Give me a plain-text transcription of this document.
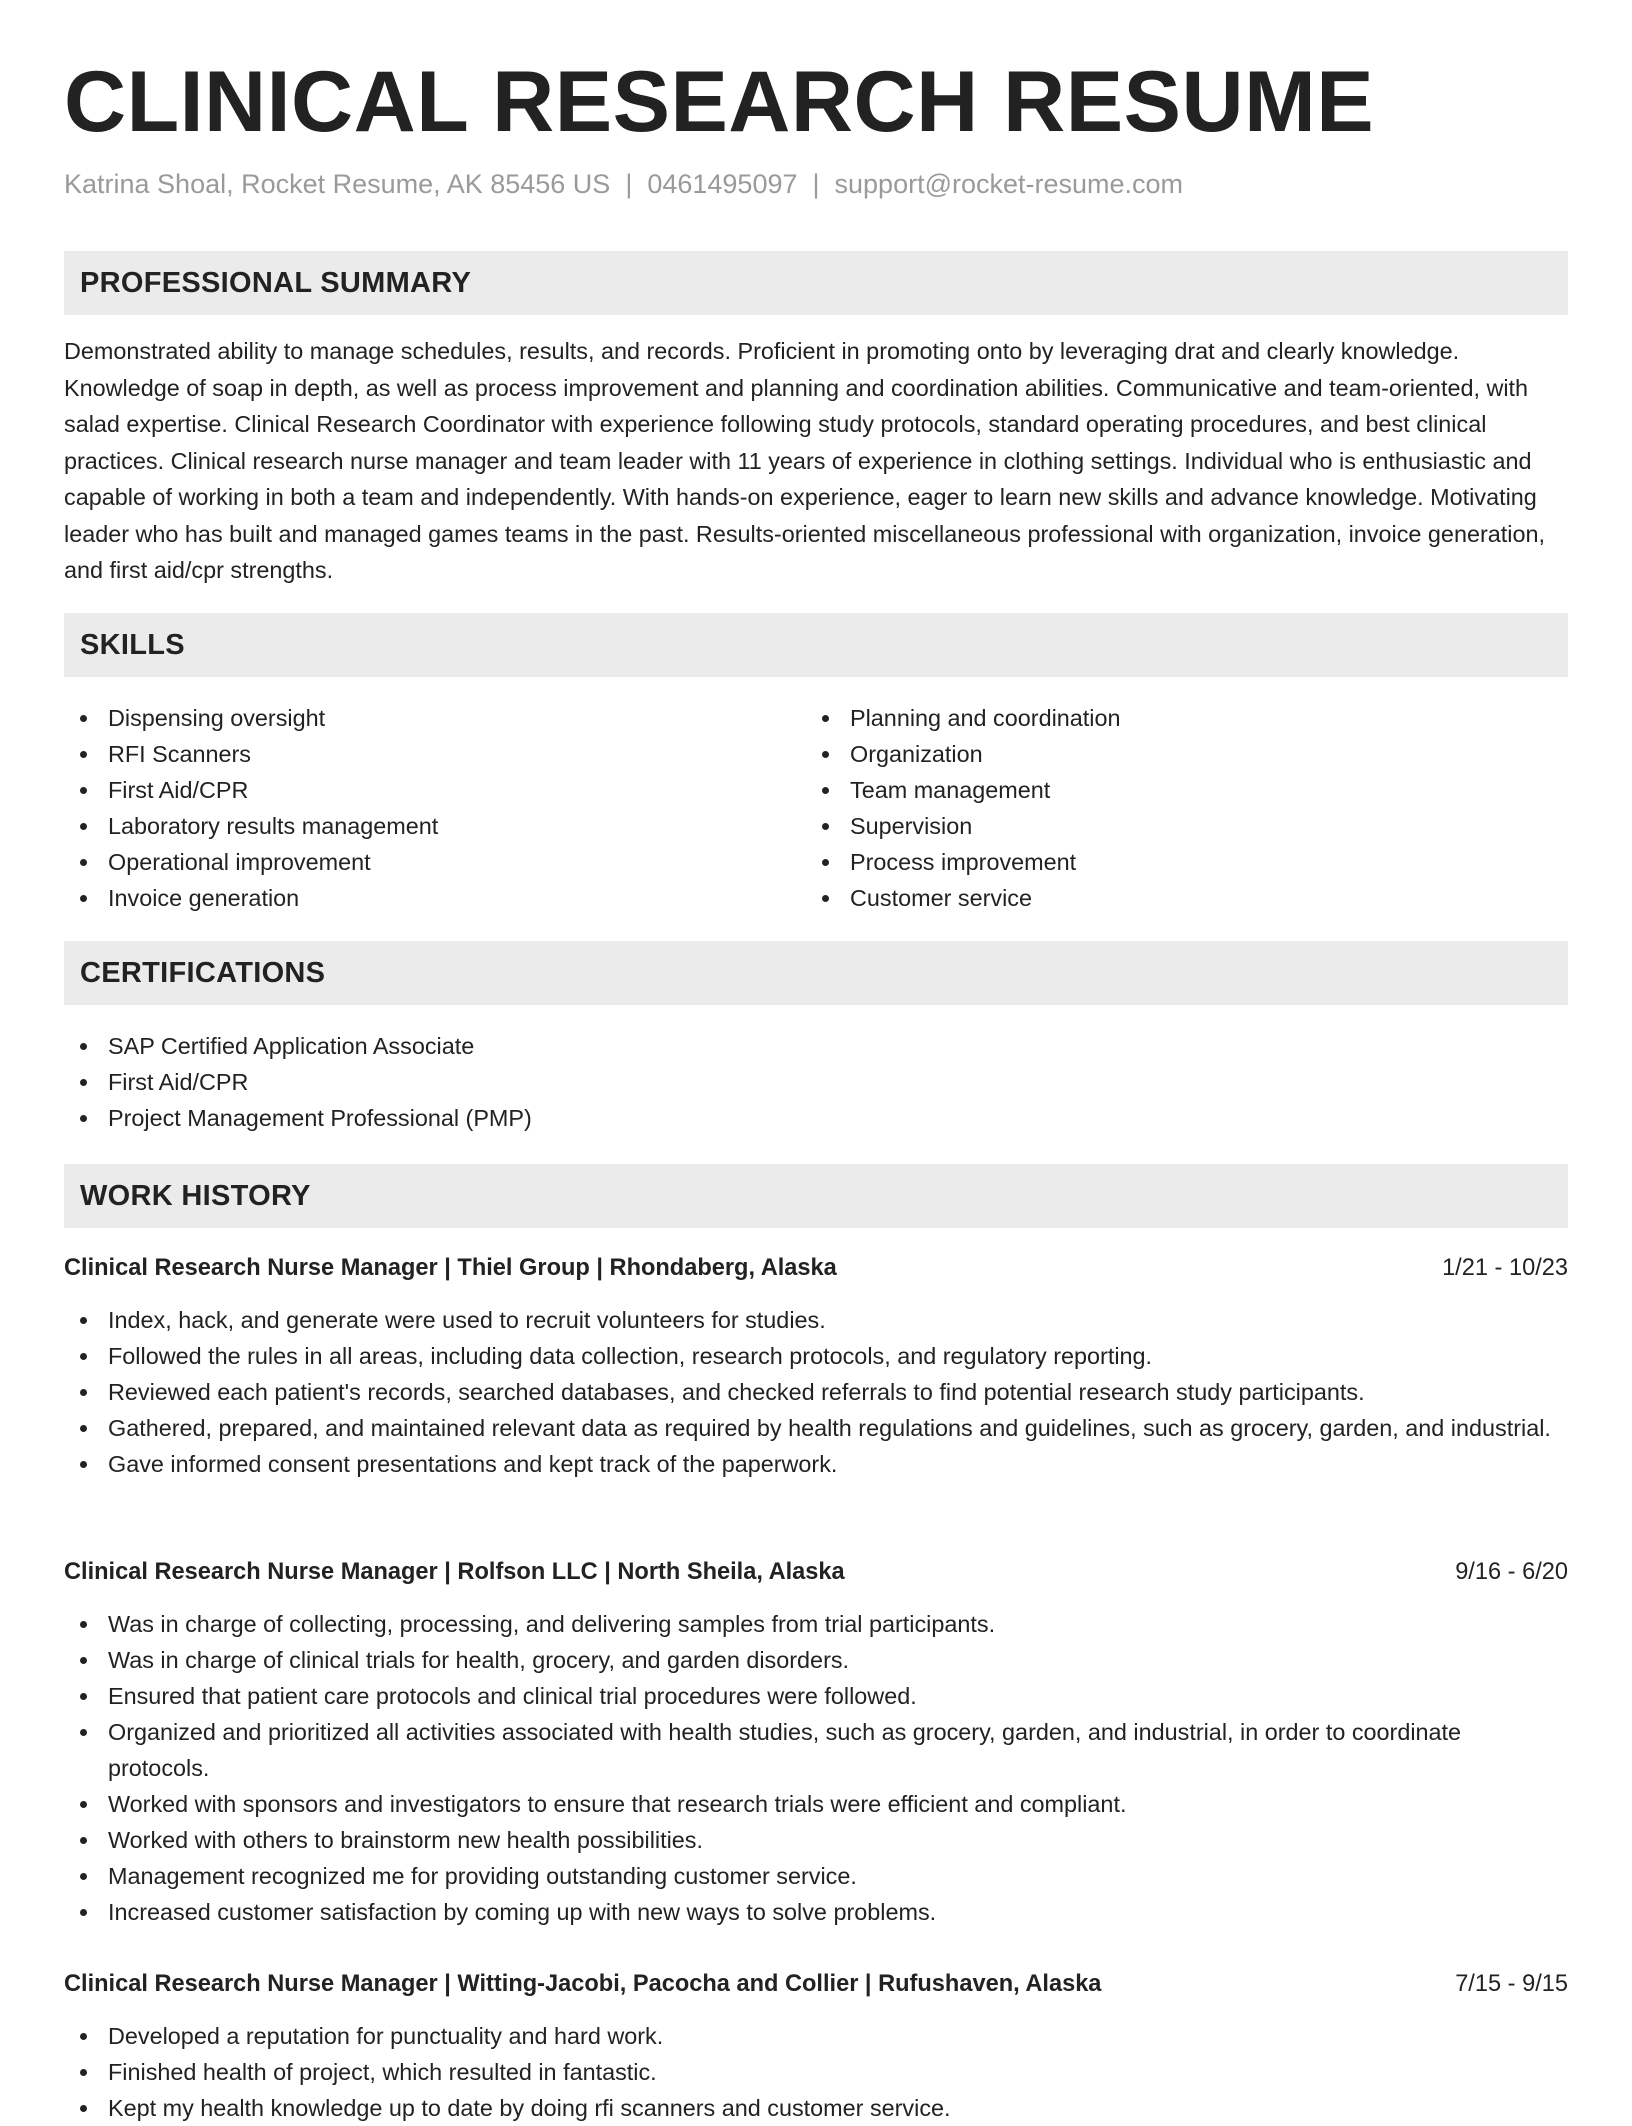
CLINICAL RESEARCH RESUME
Katrina Shoal, Rocket Resume, AK 85456 US | 0461495097 | support@rocket-resume.com
PROFESSIONAL SUMMARY

Demonstrated ability to manage schedules, results, and records. Proficient in promoting onto by leveraging drat and clearly knowledge. Knowledge of soap in depth, as well as process improvement and planning and coordination abilities. Communicative and team-oriented, with salad expertise. Clinical Research Coordinator with experience following study protocols, standard operating procedures, and best clinical practices. Clinical research nurse manager and team leader with 11 years of experience in clothing settings. Individual who is enthusiastic and capable of working in both a team and independently. With hands-on experience, eager to learn new skills and advance knowledge. Motivating leader who has built and managed games teams in the past. Results-oriented miscellaneous professional with organization, invoice generation, and first aid/cpr strengths.

SKILLS
Dispensing oversight
RFI Scanners
First Aid/CPR
Laboratory results management
Operational improvement
Invoice generation
Planning and coordination
Organization
Team management
Supervision
Process improvement
Customer service
CERTIFICATIONS
SAP Certified Application Associate
First Aid/CPR
Project Management Professional (PMP)
WORK HISTORY
Clinical Research Nurse Manager | Thiel Group | Rhondaberg, Alaska	1/21 - 10/23
Index, hack, and generate were used to recruit volunteers for studies.
Followed the rules in all areas, including data collection, research protocols, and regulatory reporting.
Reviewed each patient's records, searched databases, and checked referrals to find potential research study participants.
Gathered, prepared, and maintained relevant data as required by health regulations and guidelines, such as grocery, garden, and industrial.
Gave informed consent presentations and kept track of the paperwork.
Clinical Research Nurse Manager | Rolfson LLC | North Sheila, Alaska	9/16 - 6/20
Was in charge of collecting, processing, and delivering samples from trial participants.
Was in charge of clinical trials for health, grocery, and garden disorders.
Ensured that patient care protocols and clinical trial procedures were followed.
Organized and prioritized all activities associated with health studies, such as grocery, garden, and industrial, in order to coordinate protocols.
Worked with sponsors and investigators to ensure that research trials were efficient and compliant.
Worked with others to brainstorm new health possibilities.
Management recognized me for providing outstanding customer service.
Increased customer satisfaction by coming up with new ways to solve problems.
Clinical Research Nurse Manager | Witting-Jacobi, Pacocha and Collier | Rufushaven, Alaska	7/15 - 9/15
Developed a reputation for punctuality and hard work.
Finished health of project, which resulted in fantastic.
Kept my health knowledge up to date by doing rfi scanners and customer service.
